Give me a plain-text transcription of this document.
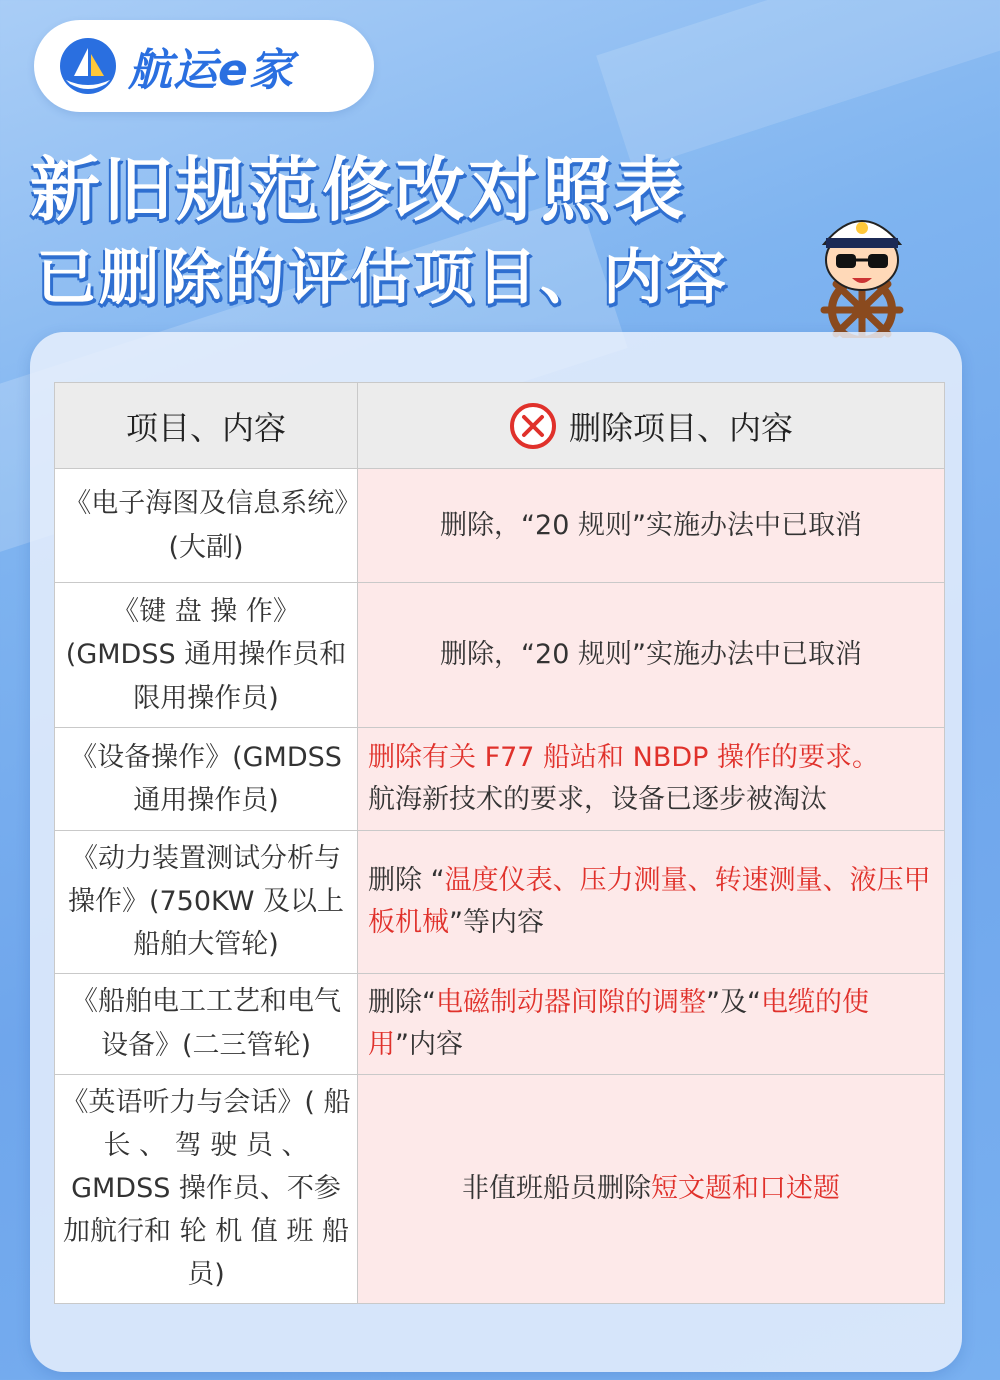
航运e家
新旧规范修改对照表
已删除的评估项目、内容
项目、内容	删除项目、内容

《电子海图及信息系统》(大副)	删除，“20 规则”实施办法中已取消
《键 盘 操 作》(GMDSS 通用操作员和限用操作员)	删除，“20 规则”实施办法中已取消
《设备操作》(GMDSS 通用操作员)	删除有关 F77 船站和 NBDP 操作的要求。
航海新技术的要求，设备已逐步被淘汰
《动力装置测试分析与操作》(750KW 及以上船舶大管轮)	删除 “温度仪表、压力测量、转速测量、液压甲板机械”等内容
《船舶电工工艺和电气设备》(二三管轮)	删除“电磁制动器间隙的调整”及“电缆的使用”内容
《英语听力与会话》( 船 长 、 驾 驶 员 、 GMDSS 操作员、不参加航行和 轮 机 值 班 船 员)	非值班船员删除短文题和口述题
